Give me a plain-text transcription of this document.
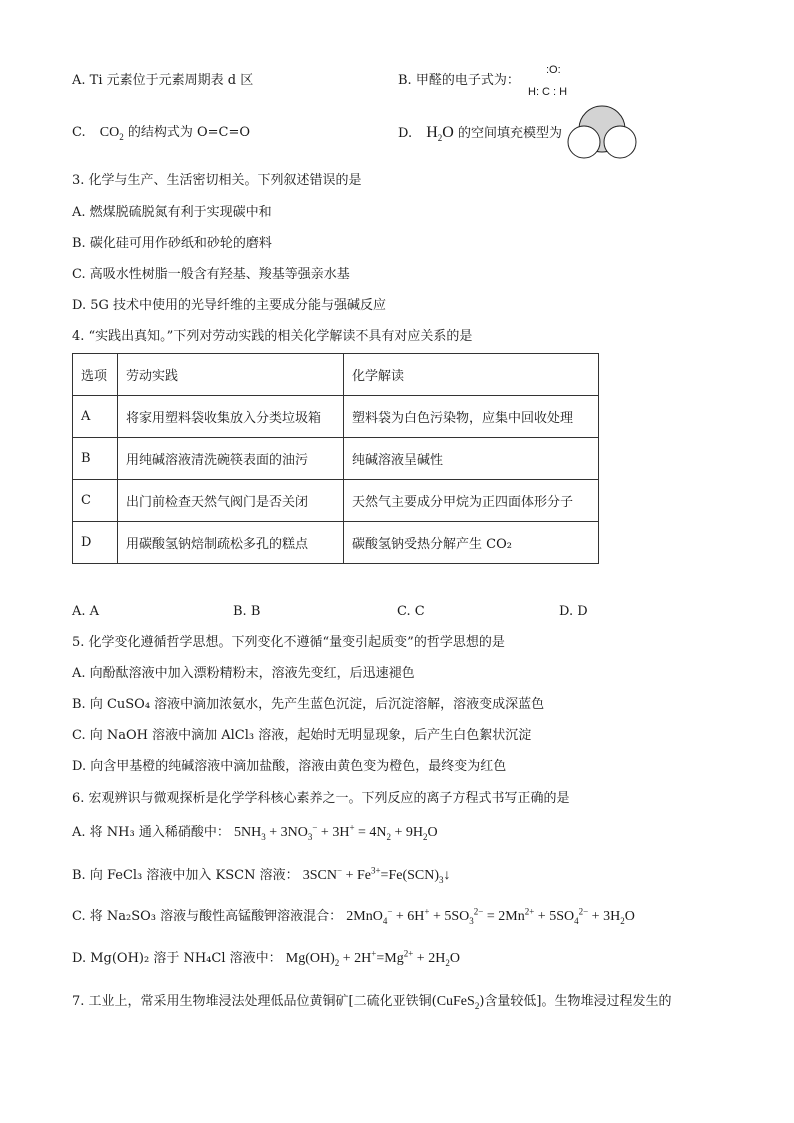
A. Ti 元素位于元素周期表 d 区	B. 甲醛的电子式为：
:O:
H: C : H
C. $CO_2$ 的结构式为 O=C=O	D. $H_2O$ 的空间填充模型为
3. 化学与生产、生活密切相关。下列叙述错误的是
A. 燃煤脱硫脱氮有利于实现碳中和
B. 碳化硅可用作砂纸和砂轮的磨料
C. 高吸水性树脂一般含有羟基、羧基等强亲水基
D. 5G 技术中使用的光导纤维的主要成分能与强碱反应
4. “实践出真知。”下列对劳动实践的相关化学解读不具有对应关系的是
选项	劳动实践	化学解读
A	将家用塑料袋收集放入分类垃圾箱	塑料袋为白色污染物，应集中回收处理
B	用纯碱溶液清洗碗筷表面的油污	纯碱溶液呈碱性
C	出门前检查天然气阀门是否关闭	天然气主要成分甲烷为正四面体形分子
D	用碳酸氢钠焙制疏松多孔的糕点	碳酸氢钠受热分解产生 CO₂
A. A	B. B	C. C	D. D
5. 化学变化遵循哲学思想。下列变化不遵循“量变引起质变”的哲学思想的是
A. 向酚酞溶液中加入漂粉精粉末，溶液先变红，后迅速褪色
B. 向 CuSO₄ 溶液中滴加浓氨水，先产生蓝色沉淀，后沉淀溶解，溶液变成深蓝色
C. 向 NaOH 溶液中滴加 AlCl₃ 溶液，起始时无明显现象，后产生白色絮状沉淀
D. 向含甲基橙的纯碱溶液中滴加盐酸，溶液由黄色变为橙色，最终变为红色
6. 宏观辨识与微观探析是化学学科核心素养之一。下列反应的离子方程式书写正确的是
A. 将 NH₃ 通入稀硝酸中： $5NH_3 + 3NO_3^- + 3H^+ = 4N_2 + 9H_2O$
B. 向 FeCl₃ 溶液中加入 KSCN 溶液： $3SCN^- + Fe^{3+}=Fe(SCN)_3↓$
C. 将 Na₂SO₃ 溶液与酸性高锰酸钾溶液混合： $2MnO_4^- + 6H^+ + 5SO_3^{2-} = 2Mn^{2+} + 5SO_4^{2-} + 3H_2O$
D. Mg(OH)₂ 溶于 NH₄Cl 溶液中： $Mg(OH)_2 + 2H^+=Mg^{2+} + 2H_2O$
7. 工业上，常采用生物堆浸法处理低品位黄铜矿[二硫化亚铁铜(CuFeS$_2$)含量较低]。生物堆浸过程发生的
